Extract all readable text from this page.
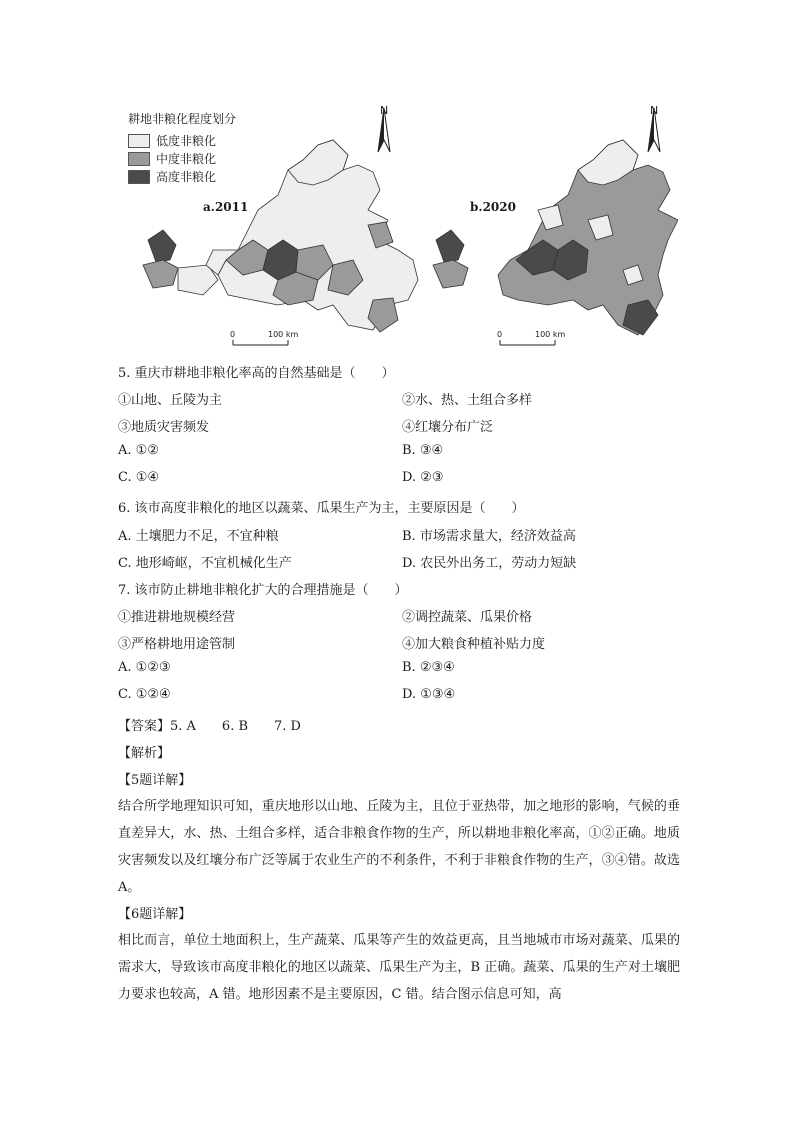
耕地非粮化程度划分
低度非粮化
中度非粮化
高度非粮化
a.2011	b.2020
N	N
0	100 km	0	100 km
5. 重庆市耕地非粮化率高的自然基础是（　　）
①山地、丘陵为主	②水、热、土组合多样
③地质灾害频发	④红壤分布广泛
A. ①②	B. ③④
C. ①④	D. ②③
6. 该市高度非粮化的地区以蔬菜、瓜果生产为主，主要原因是（　　）
A. 土壤肥力不足，不宜种粮	B. 市场需求量大，经济效益高
C. 地形崎岖，不宜机械化生产	D. 农民外出务工，劳动力短缺
7. 该市防止耕地非粮化扩大的合理措施是（　　）
①推进耕地规模经营	②调控蔬菜、瓜果价格
③严格耕地用途管制	④加大粮食种植补贴力度
A. ①②③	B. ②③④
C. ①②④	D. ①③④
【答案】5. A　　6. B　　7. D
【解析】
【5题详解】
结合所学地理知识可知，重庆地形以山地、丘陵为主，且位于亚热带，加之地形的影响，气候的垂直差异大，水、热、土组合多样，适合非粮食作物的生产，所以耕地非粮化率高，①②正确。地质灾害频发以及红壤分布广泛等属于农业生产的不利条件，不利于非粮食作物的生产，③④错。故选 A。
【6题详解】
相比而言，单位土地面积上，生产蔬菜、瓜果等产生的效益更高，且当地城市市场对蔬菜、瓜果的需求大，导致该市高度非粮化的地区以蔬菜、瓜果生产为主，B 正确。蔬菜、瓜果的生产对土壤肥力要求也较高，A 错。地形因素不是主要原因，C 错。结合图示信息可知，高
